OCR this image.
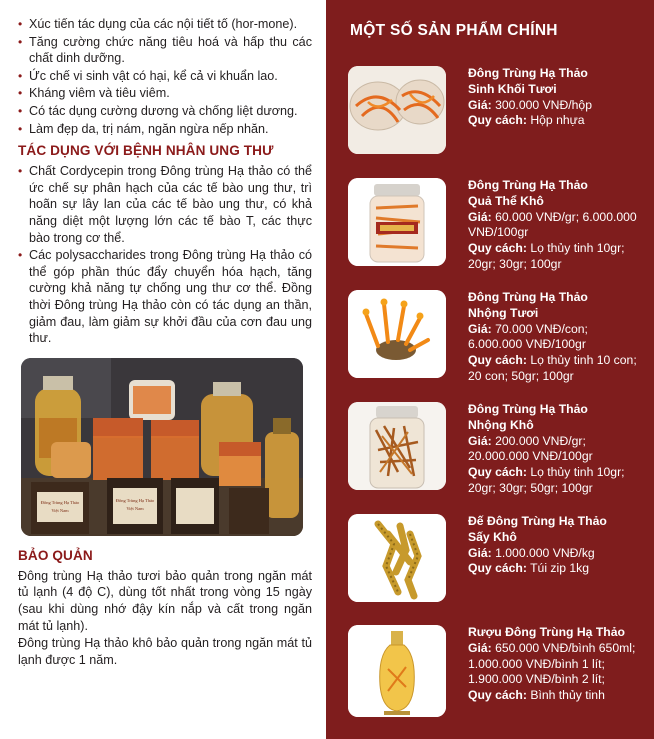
• Xúc tiến tác dụng của các nội tiết tố (hor-mone).
• Tăng cường chức năng tiêu hoá và hấp thu các chất dinh dưỡng.
• Ức chế vi sinh vật có hại, kể cả vi khuẩn lao.
• Kháng viêm và tiêu viêm.
• Có tác dụng cường dương và chống liệt dương.
• Làm đẹp da, trị nám, ngăn ngừa nếp nhăn.
TÁC DỤNG VỚI BỆNH NHÂN UNG THƯ
• Chất Cordycepin trong Đông trùng Hạ thảo có thể ức chế sự phân hạch của các tế bào ung thư, trì hoãn sự lây lan của các tế bào ung thư, có khả năng diệt một lượng lớn các tế bào T, các thực bào trong cơ thể.
• Các polysaccharides trong Đông trùng Hạ thảo có thể góp phần thúc đẩy chuyển hóa hạch, tăng cường khả năng tự chống ung thư cơ thể. Đồng thời Đông trùng Hạ thảo còn có tác dụng an thần, giảm đau, làm giảm sự khởi đầu của cơn đau ung thư.
Đông Trùng Hạ Thảo
Việt Nam
Đông Trùng Hạ Thảo
Việt Nam
BẢO QUẢN

Đông trùng Hạ thảo tươi bảo quản trong ngăn mát tủ lạnh (4 độ C), dùng tốt nhất trong vòng 15 ngày (sau khi dùng nhớ đậy kín nắp và cất trong ngăn mát tủ lạnh).

Đông trùng Hạ thảo khô bảo quản trong ngăn mát tủ lạnh được 1 năm.

MỘT SỐ SẢN PHẨM CHÍNH
Đông Trùng Hạ Thảo
Sinh Khối Tươi
Giá: 300.000 VNĐ/hộp
Quy cách: Hộp nhựa
Đông Trùng Hạ Thảo
Quả Thể Khô
Giá: 60.000 VNĐ/gr; 6.000.000 VNĐ/100gr
Quy cách: Lọ thủy tinh 10gr; 20gr; 30gr; 100gr
Đông Trùng Hạ Thảo
Nhộng Tươi
Giá: 70.000 VNĐ/con; 6.000.000 VNĐ/100gr
Quy cách: Lọ thủy tinh 10 con; 20 con; 50gr; 100gr
Đông Trùng Hạ Thảo
Nhộng Khô
Giá: 200.000 VNĐ/gr; 20.000.000 VNĐ/100gr
Quy cách: Lọ thủy tinh 10gr; 20gr; 30gr; 50gr; 100gr
Đế Đông Trùng Hạ Thảo
Sấy Khô
Giá: 1.000.000 VNĐ/kg
Quy cách: Túi zip 1kg
Rượu Đông Trùng Hạ Thảo
Giá: 650.000 VNĐ/bình 650ml; 1.000.000 VNĐ/bình 1 lít; 1.900.000 VNĐ/bình 2 lít;
Quy cách: Bình thủy tinh
